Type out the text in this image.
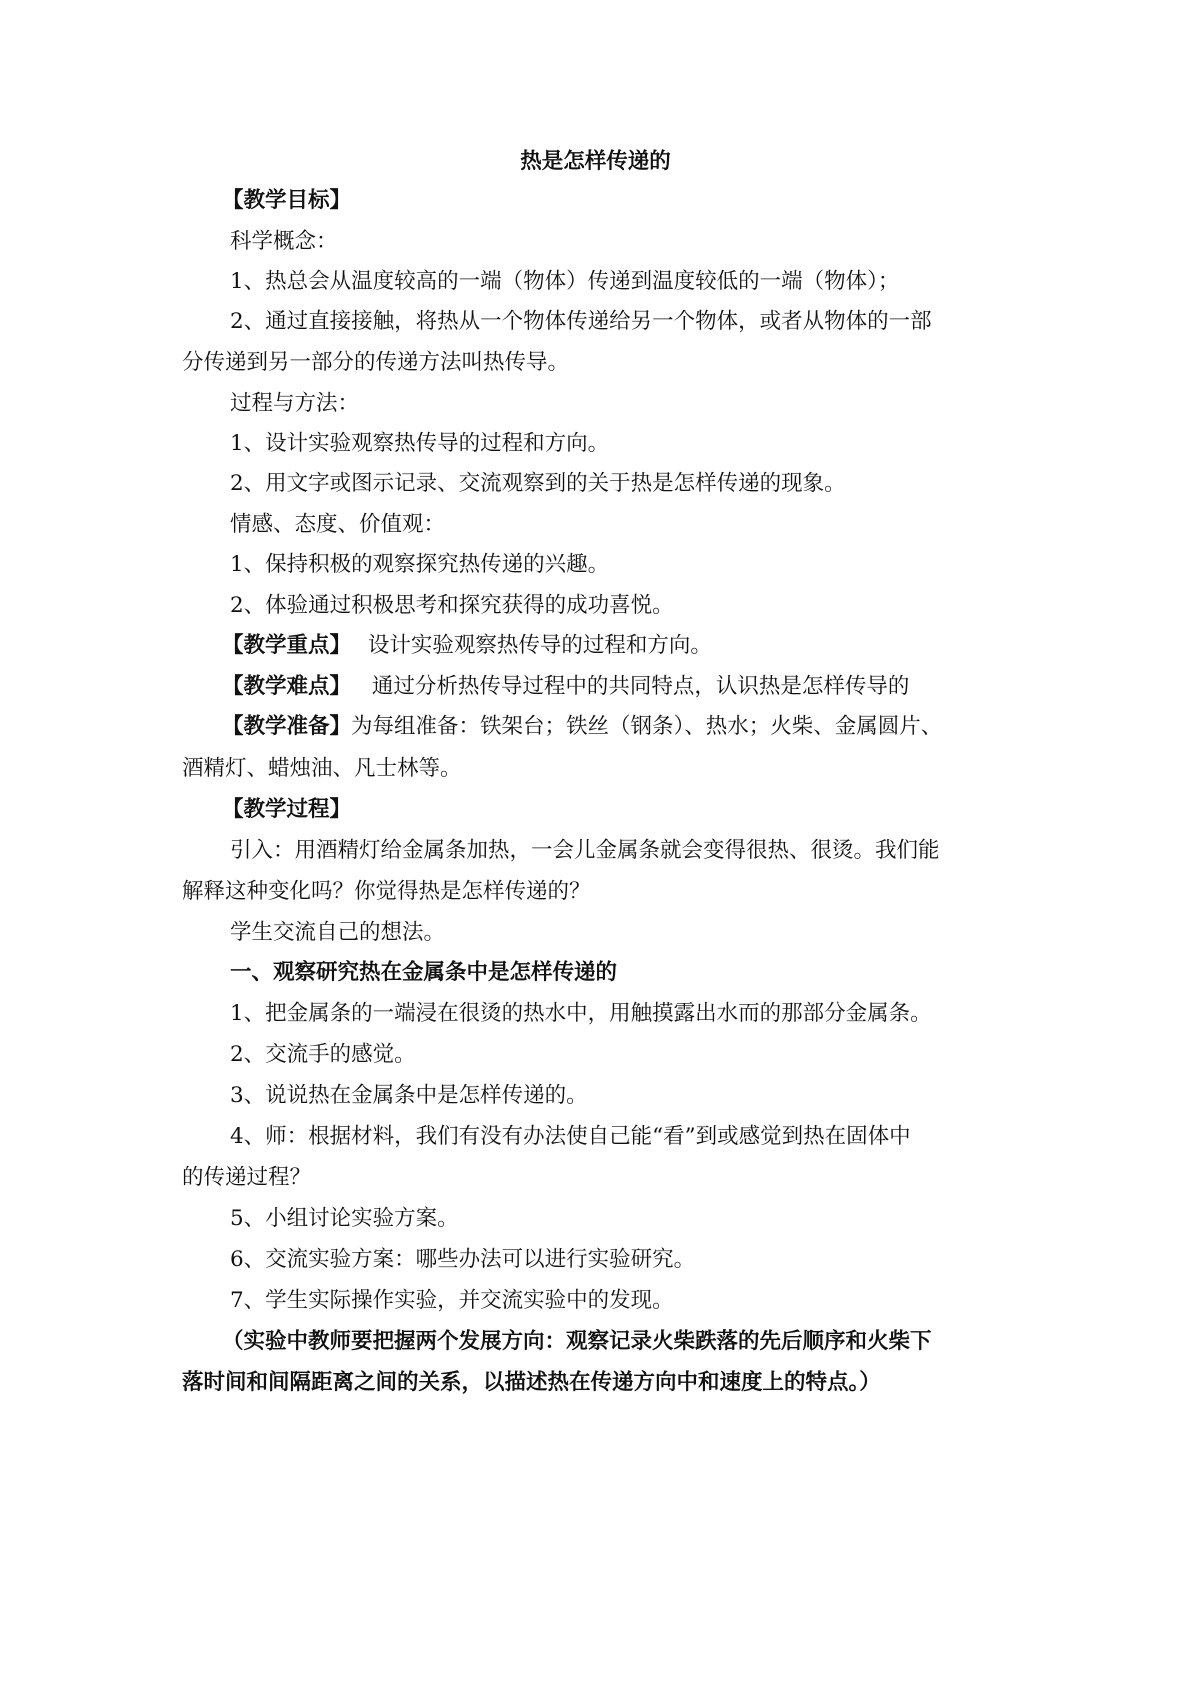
热是怎样传递的
【教学目标】
科学概念：
1、热总会从温度较高的一端（物体）传递到温度较低的一端（物体）；
2、通过直接接触，将热从一个物体传递给另一个物体，或者从物体的一部
分传递到另一部分的传递方法叫热传导。
过程与方法：
1、设计实验观察热传导的过程和方向。
2、用文字或图示记录、交流观察到的关于热是怎样传递的现象。
情感、态度、价值观：
1、保持积极的观察探究热传递的兴趣。
2、体验通过积极思考和探究获得的成功喜悦。
【教学重点】 设计实验观察热传导的过程和方向。
【教学难点】 通过分析热传导过程中的共同特点，认识热是怎样传导的
【教学准备】为每组准备：铁架台；铁丝（钢条）、热水；火柴、金属圆片、
酒精灯、蜡烛油、凡士林等。
【教学过程】
引入：用酒精灯给金属条加热，一会儿金属条就会变得很热、很烫。我们能
解释这种变化吗？你觉得热是怎样传递的？
学生交流自己的想法。
一、观察研究热在金属条中是怎样传递的
1、把金属条的一端浸在很烫的热水中，用触摸露出水而的那部分金属条。
2、交流手的感觉。
3、说说热在金属条中是怎样传递的。
4、师：根据材料，我们有没有办法使自己能“看”到或感觉到热在固体中
的传递过程？
5、小组讨论实验方案。
6、交流实验方案：哪些办法可以进行实验研究。
7、学生实际操作实验，并交流实验中的发现。
（实验中教师要把握两个发展方向：观察记录火柴跌落的先后顺序和火柴下
落时间和间隔距离之间的关系，以描述热在传递方向中和速度上的特点。）
